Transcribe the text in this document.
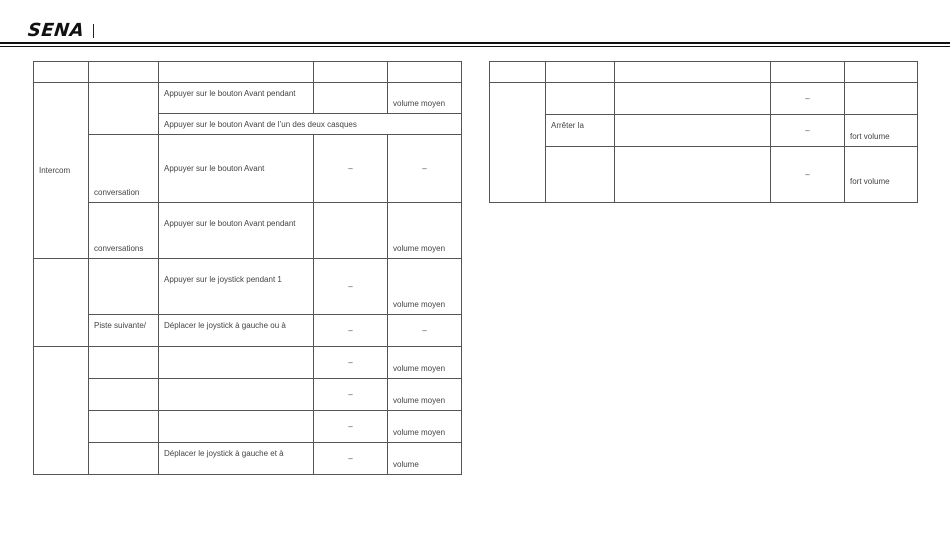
SENA

Intercom		Appuyer sur le bouton Avant pendant		volume moyen
		Appuyer sur le bouton Avant de l’un des deux casques		
	conversation	Appuyer sur le bouton Avant	–	–
	conversations	Appuyer sur le bouton Avant pendant		volume moyen
		Appuyer sur le joystick pendant 1	–	volume moyen
	Piste suivante/	Déplacer le joystick à gauche ou à	–	–
			–	volume moyen
			–	volume moyen
			–	volume moyen
		Déplacer le joystick à gauche et à	–	volume

			–	
	Arrêter la		–	fort volume
			–	fort volume
